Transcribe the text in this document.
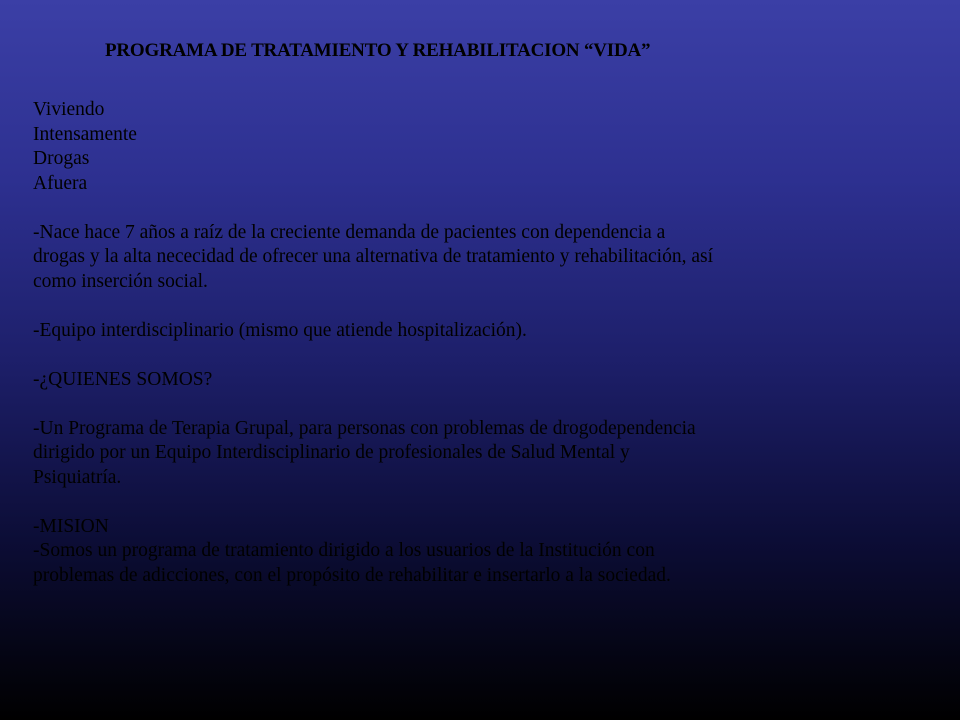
PROGRAMA DE TRATAMIENTO Y REHABILITACION “VIDA”
Viviendo
Intensamente
Drogas
Afuera
-Nace hace 7 años a raíz de la creciente demanda de pacientes con dependencia a
drogas y la alta nececidad de ofrecer una alternativa de tratamiento y rehabilitación, así
como inserción social.
-Equipo interdisciplinario (mismo que atiende hospitalización).
-¿QUIENES SOMOS?
-Un Programa de Terapia Grupal, para personas con problemas de drogodependencia
dirigido por un Equipo Interdisciplinario de profesionales de Salud Mental y
Psiquiatría.
-MISION
-Somos un programa de tratamiento dirigido a los usuarios de la Institución con
problemas de adicciones, con el propósito de rehabilitar e insertarlo a la sociedad.
